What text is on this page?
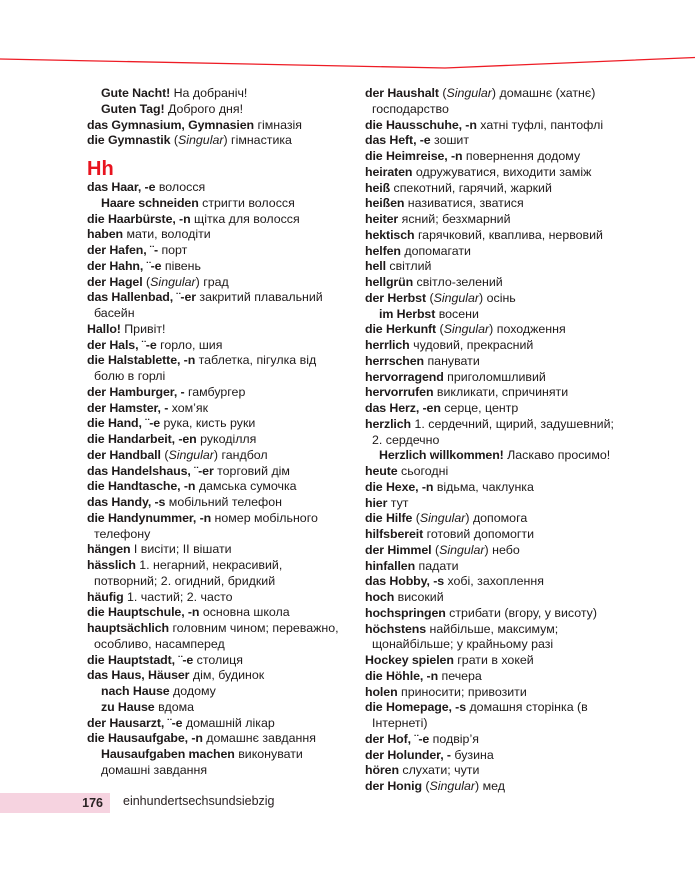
Gute Nacht! На добраніч!
Guten Tag! Доброго дня!
das Gymnasium, Gymnasien гімназія
die Gymnastik (Singular) гімнастика
Hh
das Haar, -e волосся
Haare schneiden стригти волосся
die Haarbürste, -n щітка для волосся
haben мати, володіти
der Hafen, ¨- порт
der Hahn, ¨-e півень
der Hagel (Singular) град
das Hallenbad, ¨-er закритий плавальний
басейн
Hallo! Привіт!
der Hals, ¨-e горло, шия
die Halstablette, -n таблетка, пігулка від
болю в горлі
der Hamburger, - гамбургер
der Hamster, - хом’як
die Hand, ¨-e рука, кисть руки
die Handarbeit, -en рукоділля
der Handball (Singular) гандбол
das Handelshaus, ¨-er торговий дім
die Handtasche, -n дамська сумочка
das Handy, -s мобільний телефон
die Handynummer, -n номер мобільного
телефону
hängen I висіти; II вішати
hässlich 1. негарний, некрасивий,
потворний; 2. огидний, бридкий
häufig 1. частий; 2. часто
die Hauptschule, -n основна школа
hauptsächlich головним чином; переважно,
особливо, насамперед
die Hauptstadt, ¨-e столиця
das Haus, Häuser дім, будинок
nach Hause додому
zu Hause вдома
der Hausarzt, ¨-e домашній лікар
die Hausaufgabe, -n домашнє завдання
Hausaufgaben machen виконувати
домашні завдання
der Haushalt (Singular) домашнє (хатнє)
господарство
die Hausschuhe, -n хатні туфлі, пантофлі
das Heft, -e зошит
die Heimreise, -n повернення додому
heiraten одружуватися, виходити заміж
heiß спекотний, гарячий, жаркий
heißen називатися, зватися
heiter ясний; безхмарний
hektisch гарячковий, кваплива, нервовий
helfen допомагати
hell світлий
hellgrün світло-зелений
der Herbst (Singular) осінь
im Herbst восени
die Herkunft (Singular) походження
herrlich чудовий, прекрасний
herrschen панувати
hervorragend приголомшливий
hervorrufen викликати, спричиняти
das Herz, -en серце, центр
herzlich 1. сердечний, щирий, задушевний;
2. сердечно
Herzlich willkommen! Ласкаво просимо!
heute сьогодні
die Hexe, -n відьма, чаклунка
hier тут
die Hilfe (Singular) допомога
hilfsbereit готовий допомогти
der Himmel (Singular) небо
hinfallen падати
das Hobby, -s хобі, захоплення
hoch високий
hochspringen стрибати (вгору, у висоту)
höchstens найбільше, максимум;
щонайбільше; у крайньому разі
Hockey spielen грати в хокей
die Höhle, -n печера
holen приносити; привозити
die Homepage, -s домашня сторінка (в
Інтернеті)
der Hof, ¨-e подвір’я
der Holunder, - бузина
hören слухати; чути
der Honig (Singular) мед
176 einhundertsechsundsiebzig
